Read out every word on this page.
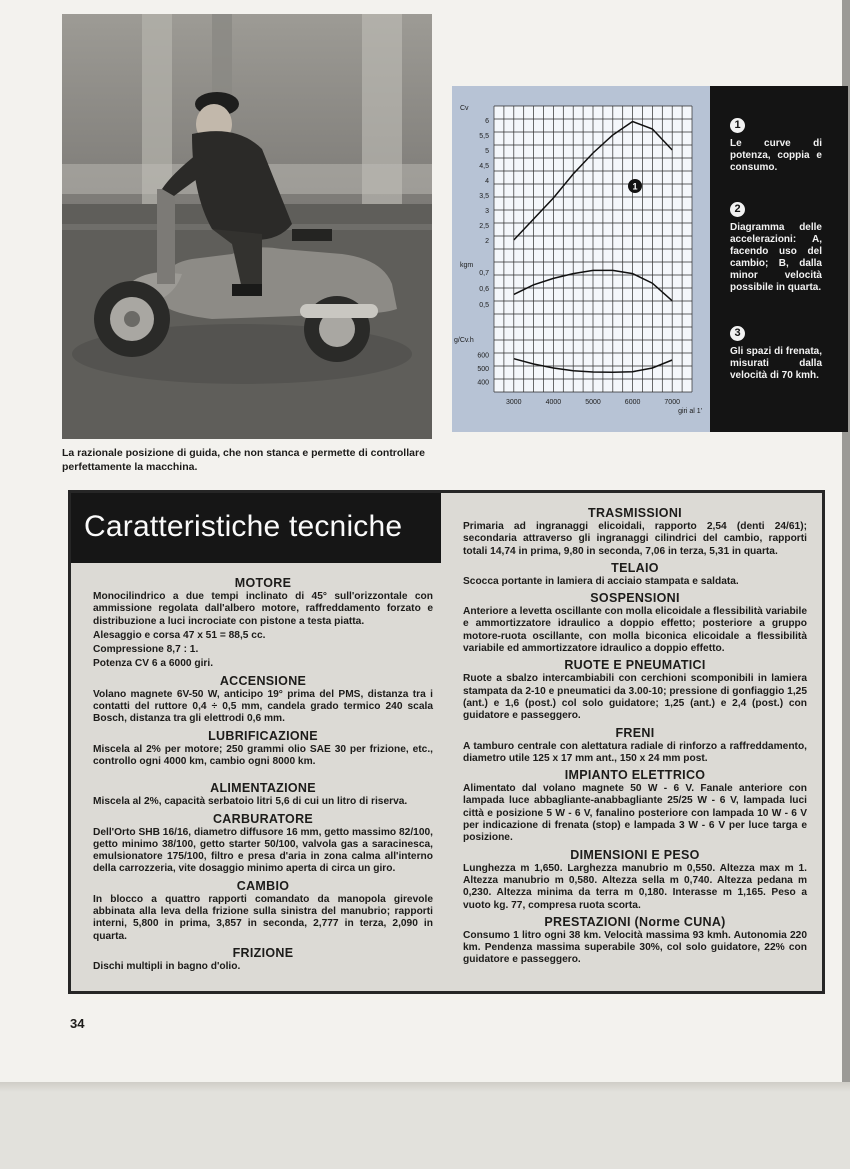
La razionale posizione di guida, che non stanca e permette di controllare perfettamente la macchina.

Cv
6
5,5
5
4,5
4
3,5
3
2,5
2
1
kgm
0,7
0,6
0,5
g/Cv.h
600
500
400
3000	4000	5000	6000	7000
giri al 1'
1

Le curve di potenza, coppia e consumo.

2

Diagramma delle accelerazioni: A, facendo uso del cambio; B, dalla minor velocità possibile in quarta.

3

Gli spazi di frenata, misurati dalla velocità di 70 kmh.

Caratteristiche tecniche
MOTORE

Monocilindrico a due tempi inclinato di 45° sull'orizzontale con ammissione regolata dall'albero motore, raffreddamento forzato e distribuzione a luci incrociate con pistone a testa piatta.

Alesaggio e corsa 47 x 51 = 88,5 cc.

Compressione 8,7 : 1.

Potenza CV 6 a 6000 giri.

ACCENSIONE

Volano magnete 6V-50 W, anticipo 19° prima del PMS, distanza tra i contatti del ruttore 0,4 ÷ 0,5 mm, candela grado termico 240 scala Bosch, distanza tra gli elettrodi 0,6 mm.

LUBRIFICAZIONE

Miscela al 2% per motore; 250 grammi olio SAE 30 per frizione, etc., controllo ogni 4000 km, cambio ogni 8000 km.

ALIMENTAZIONE

Miscela al 2%, capacità serbatoio litri 5,6 di cui un litro di riserva.

CARBURATORE

Dell'Orto SHB 16/16, diametro diffusore 16 mm, getto massimo 82/100, getto minimo 38/100, getto starter 50/100, valvola gas a saracinesca, emulsionatore 175/100, filtro e presa d'aria in zona calma all'interno della carrozzeria, vite dosaggio minimo aperta di circa un giro.

CAMBIO

In blocco a quattro rapporti comandato da manopola girevole abbinata alla leva della frizione sulla sinistra del manubrio; rapporti interni, 5,800 in prima, 3,857 in seconda, 2,777 in terza, 2,090 in quarta.

FRIZIONE

Dischi multipli in bagno d'olio.

TRASMISSIONI

Primaria ad ingranaggi elicoidali, rapporto 2,54 (denti 24/61); secondaria attraverso gli ingranaggi cilindrici del cambio, rapporti totali 14,74 in prima, 9,80 in seconda, 7,06 in terza, 5,31 in quarta.

TELAIO

Scocca portante in lamiera di acciaio stampata e saldata.

SOSPENSIONI

Anteriore a levetta oscillante con molla elicoidale a flessibilità variabile e ammortizzatore idraulico a doppio effetto; posteriore a gruppo motore-ruota oscillante, con molla biconica elicoidale a flessibilità variabile ed ammortizzatore idraulico a doppio effetto.

RUOTE E PNEUMATICI

Ruote a sbalzo intercambiabili con cerchioni scomponibili in lamiera stampata da 2-10 e pneumatici da 3.00-10; pressione di gonfiaggio 1,25 (ant.) e 1,6 (post.) col solo guidatore; 1,25 (ant.) e 2,4 (post.) con guidatore e passeggero.

FRENI

A tamburo centrale con alettatura radiale di rinforzo a raffreddamento, diametro utile 125 x 17 mm ant., 150 x 24 mm post.

IMPIANTO ELETTRICO

Alimentato dal volano magnete 50 W - 6 V. Fanale anteriore con lampada luce abbagliante-anabbagliante 25/25 W - 6 V, lampada luci città e posizione 5 W - 6 V, fanalino posteriore con lampada 10 W - 6 V per indicazione di frenata (stop) e lampada 3 W - 6 V per luce targa e posizione.

DIMENSIONI E PESO

Lunghezza m 1,650. Larghezza manubrio m 0,550. Altezza max m 1. Altezza manubrio m 0,580. Altezza sella m 0,740. Altezza pedana m 0,230. Altezza minima da terra m 0,180. Interasse m 1,165. Peso a vuoto kg. 77, compresa ruota scorta.

PRESTAZIONI (Norme CUNA)

Consumo 1 litro ogni 38 km. Velocità massima 93 kmh. Autonomia 220 km. Pendenza massima superabile 30%, col solo guidatore, 22% con guidatore e passeggero.

34
